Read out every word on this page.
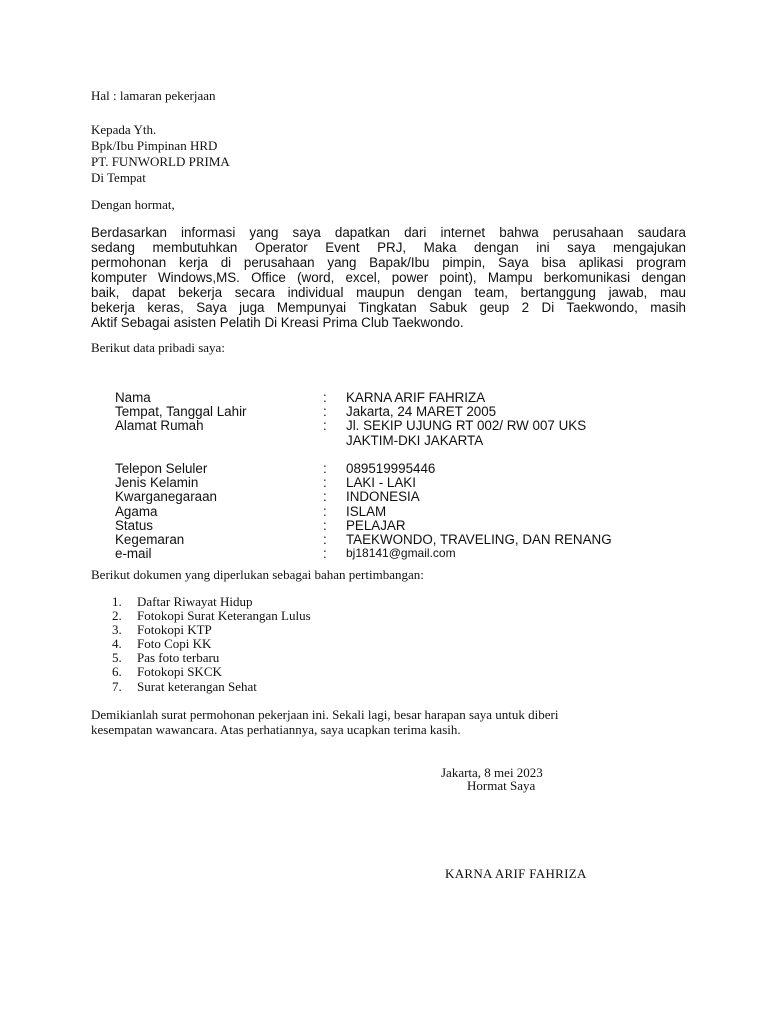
Hal : lamaran pekerjaan
Kepada Yth.
Bpk/Ibu Pimpinan HRD
PT. FUNWORLD PRIMA
Di Tempat
Dengan hormat,
Berdasarkan informasi yang saya dapatkan dari internet bahwa perusahaan saudara
sedang membutuhkan Operator Event PRJ, Maka dengan ini saya mengajukan
permohonan kerja di perusahaan yang Bapak/Ibu pimpin, Saya bisa aplikasi program
komputer Windows,MS. Office (word, excel, power point), Mampu berkomunikasi dengan
baik, dapat bekerja secara individual maupun dengan team, bertanggung jawab, mau
bekerja keras, Saya juga Mempunyai Tingkatan Sabuk geup 2 Di Taekwondo, masih
Aktif Sebagai asisten Pelatih Di Kreasi Prima Club Taekwondo.
Berikut data pribadi saya:
Nama	: KARNA ARIF FAHRIZA
Tempat, Tanggal Lahir	: Jakarta, 24 MARET 2005
Alamat Rumah	: Jl. SEKIP UJUNG RT 002/ RW 007 UKS
JAKTIM-DKI JAKARTA
Telepon Seluler	: 089519995446
Jenis Kelamin	: LAKI - LAKI
Kwarganegaraan	: INDONESIA
Agama	: ISLAM
Status	: PELAJAR
Kegemaran	: TAEKWONDO, TRAVELING, DAN RENANG
e-mail	: bj18141@gmail.com
Berikut dokumen yang diperlukan sebagai bahan pertimbangan:
1. Daftar Riwayat Hidup
2. Fotokopi Surat Keterangan Lulus
3. Fotokopi KTP
4. Foto Copi KK
5. Pas foto terbaru
6. Fotokopi SKCK
7. Surat keterangan Sehat
Demikianlah surat permohonan pekerjaan ini. Sekali lagi, besar harapan saya untuk diberi
kesempatan wawancara. Atas perhatiannya, saya ucapkan terima kasih.
Jakarta, 8 mei 2023
Hormat Saya
KARNA ARIF FAHRIZA
